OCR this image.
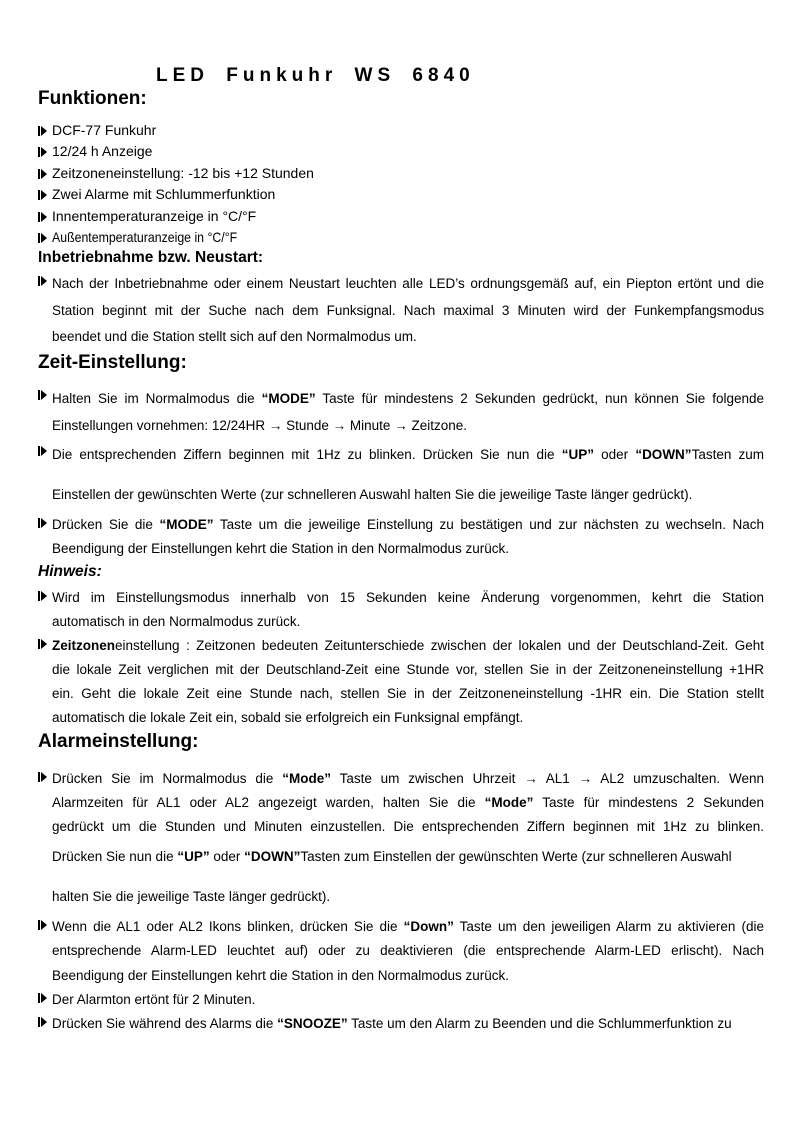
LED Funkuhr WS 6840
Funktionen:
DCF-77 Funkuhr
12/24 h Anzeige
Zeitzoneneinstellung: -12 bis +12 Stunden
Zwei Alarme mit Schlummerfunktion
Innentemperaturanzeige in °C/°F
Außentemperaturanzeige in °C/°F
Inbetriebnahme bzw. Neustart:
Nach der Inbetriebnahme oder einem Neustart leuchten alle LED’s ordnungsgemäß auf, ein Piepton ertönt und die
Station beginnt mit der Suche nach dem Funksignal. Nach maximal 3 Minuten wird der Funkempfangsmodus
beendet und die Station stellt sich auf den Normalmodus um.
Zeit-Einstellung:
Halten Sie im Normalmodus die “MODE” Taste für mindestens 2 Sekunden gedrückt, nun können Sie folgende
Einstellungen vornehmen: 12/24HR → Stunde → Minute → Zeitzone.
Die entsprechenden Ziffern beginnen mit 1Hz zu blinken. Drücken Sie nun die “UP” oder “DOWN”Tasten zum
Einstellen der gewünschten Werte (zur schnelleren Auswahl halten Sie die jeweilige Taste länger gedrückt).
Drücken Sie die “MODE” Taste um die jeweilige Einstellung zu bestätigen und zur nächsten zu wechseln. Nach
Beendigung der Einstellungen kehrt die Station in den Normalmodus zurück.
Hinweis:
Wird im Einstellungsmodus innerhalb von 15 Sekunden keine Änderung vorgenommen, kehrt die Station
automatisch in den Normalmodus zurück.
Zeitzoneneinstellung : Zeitzonen bedeuten Zeitunterschiede zwischen der lokalen und der Deutschland-Zeit. Geht
die lokale Zeit verglichen mit der Deutschland-Zeit eine Stunde vor, stellen Sie in der Zeitzoneneinstellung +1HR
ein. Geht die lokale Zeit eine Stunde nach, stellen Sie in der Zeitzoneneinstellung -1HR ein. Die Station stellt
automatisch die lokale Zeit ein, sobald sie erfolgreich ein Funksignal empfängt.
Alarmeinstellung:
Drücken Sie im Normalmodus die “Mode” Taste um zwischen Uhrzeit → AL1 → AL2 umzuschalten. Wenn
Alarmzeiten für AL1 oder AL2 angezeigt warden, halten Sie die “Mode” Taste für mindestens 2 Sekunden
gedrückt um die Stunden und Minuten einzustellen. Die entsprechenden Ziffern beginnen mit 1Hz zu blinken.
Drücken Sie nun die “UP” oder “DOWN”Tasten zum Einstellen der gewünschten Werte (zur schnelleren Auswahl
halten Sie die jeweilige Taste länger gedrückt).
Wenn die AL1 oder AL2 Ikons blinken, drücken Sie die “Down” Taste um den jeweiligen Alarm zu aktivieren (die
entsprechende Alarm-LED leuchtet auf) oder zu deaktivieren (die entsprechende Alarm-LED erlischt). Nach
Beendigung der Einstellungen kehrt die Station in den Normalmodus zurück.
Der Alarmton ertönt für 2 Minuten.
Drücken Sie während des Alarms die “SNOOZE” Taste um den Alarm zu Beenden und die Schlummerfunktion zu
